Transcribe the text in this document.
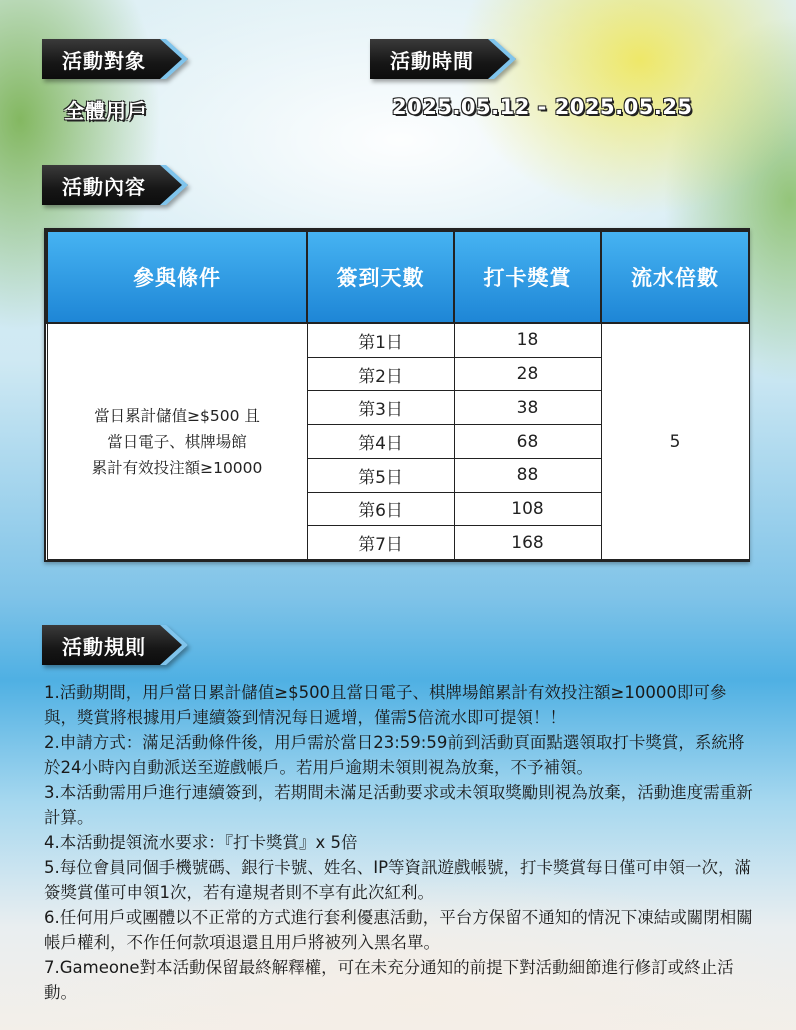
活動對象
全體用戶
活動時間
2025.05.12 - 2025.05.25
活動內容
參與條件	簽到天數	打卡獎賞	流水倍數

當日累計儲值≥$500 且
當日電子、棋牌場館
累計有效投注額≥10000	第1日	18	5
	第2日	28	
	第3日	38	
	第4日	68	
	第5日	88	
	第6日	108	
	第7日	168	
活動規則

1.活動期間，用戶當日累計儲值≥$500且當日電子、棋牌場館累計有效投注額≥10000即可參與，獎賞將根據用戶連續簽到情況每日遞增，僅需5倍流水即可提領！！

2.申請方式：滿足活動條件後，用戶需於當日23:59:59前到活動頁面點選領取打卡獎賞，系統將於24小時內自動派送至遊戲帳戶。若用戶逾期未領則視為放棄，不予補領。

3.本活動需用戶進行連續簽到，若期間未滿足活動要求或未領取獎勵則視為放棄，活動進度需重新計算。

4.本活動提領流水要求：『打卡獎賞』x 5倍

5.每位會員同個手機號碼、銀行卡號、姓名、IP等資訊遊戲帳號，打卡獎賞每日僅可申領一次，滿簽獎賞僅可申領1次，若有違規者則不享有此次紅利。

6.任何用戶或團體以不正常的方式進行套利優惠活動，平台方保留不通知的情況下凍結或關閉相關帳戶權利，不作任何款項退還且用戶將被列入黑名單。

7.Gameone對本活動保留最終解釋權，可在未充分通知的前提下對活動細節進行修訂或終止活動。
